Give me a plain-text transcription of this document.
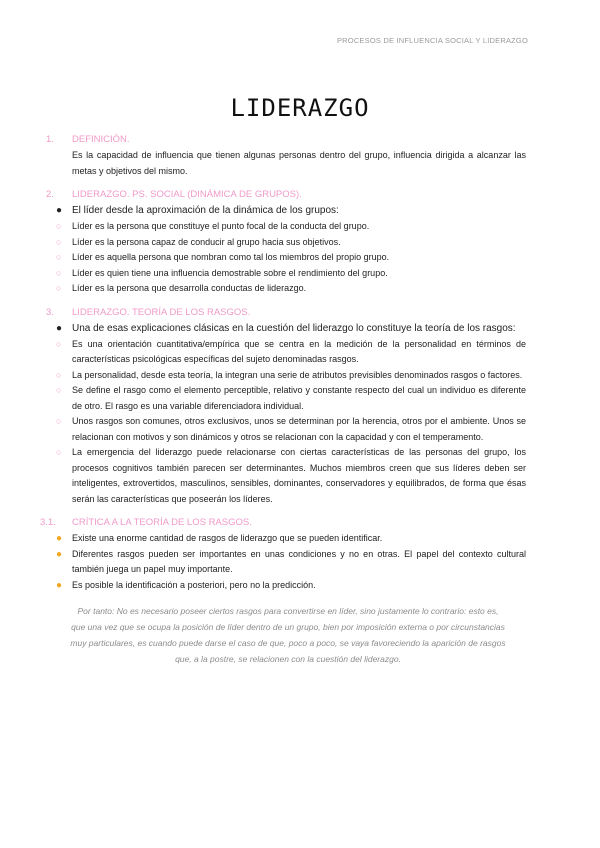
PROCESOS DE INFLUENCIA SOCIAL Y LIDERAZGO
LIDERAZGO
1.	DEFINICIÓN.
Es la capacidad de influencia que tienen algunas personas dentro del grupo, influencia dirigida a alcanzar las metas y objetivos del mismo.
2.	LIDERAZGO. PS. SOCIAL (DINÁMICA DE GRUPOS).
● El líder desde la aproximación de la dinámica de los grupos:
○	Líder es la persona que constituye el punto focal de la conducta del grupo.
○	Líder es la persona capaz de conducir al grupo hacia sus objetivos.
○	Líder es aquella persona que nombran como tal los miembros del propio grupo.
○	Líder es quien tiene una influencia demostrable sobre el rendimiento del grupo.
○	Líder es la persona que desarrolla conductas de liderazgo.
3.	LIDERAZGO. TEORÍA DE LOS RASGOS.
● Una de esas explicaciones clásicas en la cuestión del liderazgo lo constituye la teoría de los rasgos:
○	Es una orientación cuantitativa/empírica que se centra en la medición de la personalidad en términos de características psicológicas específicas del sujeto denominadas rasgos.
○	La personalidad, desde esta teoría, la integran una serie de atributos previsibles denominados rasgos o factores.
○	Se define el rasgo como el elemento perceptible, relativo y constante respecto del cual un individuo es diferente de otro. El rasgo es una variable diferenciadora individual.
○	Unos rasgos son comunes, otros exclusivos, unos se determinan por la herencia, otros por el ambiente. Unos se relacionan con motivos y son dinámicos y otros se relacionan con la capacidad y con el temperamento.
○	La emergencia del liderazgo puede relacionarse con ciertas características de las personas del grupo, los procesos cognitivos también parecen ser determinantes. Muchos miembros creen que sus líderes deben ser inteligentes, extrovertidos, masculinos, sensibles, dominantes, conservadores y equilibrados, de forma que ésas serán las características que poseerán los líderes.
3.1.	CRÍTICA A LA TEORÍA DE LOS RASGOS.
●	Existe una enorme cantidad de rasgos de liderazgo que se pueden identificar.
●	Diferentes rasgos pueden ser importantes en unas condiciones y no en otras. El papel del contexto cultural también juega un papel muy importante.
●	Es posible la identificación a posteriori, pero no la predicción.
Por tanto: No es necesario poseer ciertos rasgos para convertirse en líder, sino justamente lo contrario: esto es, que una vez que se ocupa la posición de líder dentro de un grupo, bien por imposición externa o por circunstancias muy particulares, es cuando puede darse el caso de que, poco a poco, se vaya favoreciendo la aparición de rasgos que, a la postre, se relacionen con la cuestión del liderazgo.
